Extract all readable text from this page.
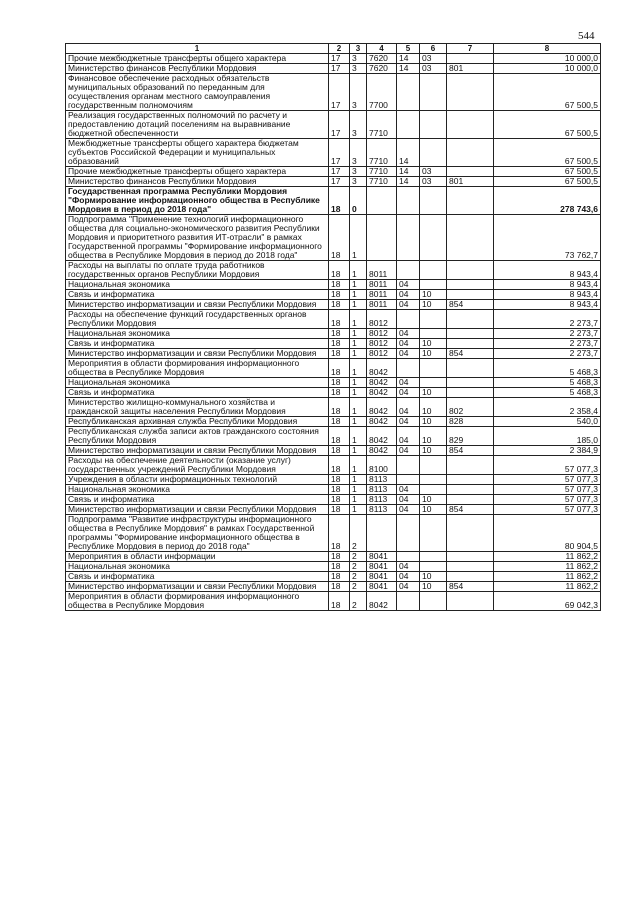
544
1	2	3	4	5	6	7	8
Прочие межбюджетные трансферты общего характера	17	3	7620	14	03		10 000,0
Министерство финансов Республики Мордовия	17	3	7620	14	03	801	10 000,0
Финансовое обеспечение расходных обязательств муниципальных образований по переданным для осуществления органам местного самоуправления государственным полномочиям	17	3	7700				67 500,5
Реализация государственных полномочий по расчету и предоставлению дотаций поселениям на выравнивание бюджетной обеспеченности	17	3	7710				67 500,5
Межбюджетные трансферты общего характера бюджетам субъектов Российской Федерации и муниципальных образований	17	3	7710	14			67 500,5
Прочие межбюджетные трансферты общего характера	17	3	7710	14	03		67 500,5
Министерство финансов Республики Мордовия	17	3	7710	14	03	801	67 500,5
Государственная программа Республики Мордовия "Формирование информационного общества в Республике Мордовия в период до 2018 года"	18	0					278 743,6
Подпрограмма "Применение технологий информационного общества для социально-экономического развития Республики Мордовия и приоритетного развития ИТ-отрасли" в рамках Государственной программы "Формирование информационного общества в Республике Мордовия в период до 2018 года"	18	1					73 762,7
Расходы на выплаты по оплате труда работников государственных органов Республики Мордовия	18	1	8011				8 943,4
Национальная экономика	18	1	8011	04			8 943,4
Связь и информатика	18	1	8011	04	10		8 943,4
Министерство информатизации и связи Республики Мордовия	18	1	8011	04	10	854	8 943,4
Расходы на обеспечение функций государственных органов Республики Мордовия	18	1	8012				2 273,7
Национальная экономика	18	1	8012	04			2 273,7
Связь и информатика	18	1	8012	04	10		2 273,7
Министерство информатизации и связи Республики Мордовия	18	1	8012	04	10	854	2 273,7
Мероприятия в области формирования информационного общества в Республике Мордовия	18	1	8042				5 468,3
Национальная экономика	18	1	8042	04			5 468,3
Связь и информатика	18	1	8042	04	10		5 468,3
Министерство жилищно-коммунального хозяйства и гражданской защиты населения Республики Мордовия	18	1	8042	04	10	802	2 358,4
Республиканская архивная служба Республики Мордовия	18	1	8042	04	10	828	540,0
Республиканская служба записи актов гражданского состояния Республики Мордовия	18	1	8042	04	10	829	185,0
Министерство информатизации и связи Республики Мордовия	18	1	8042	04	10	854	2 384,9
Расходы на обеспечение деятельности (оказание услуг) государственных учреждений Республики Мордовия	18	1	8100				57 077,3
Учреждения в области информационных технологий	18	1	8113				57 077,3
Национальная экономика	18	1	8113	04			57 077,3
Связь и информатика	18	1	8113	04	10		57 077,3
Министерство информатизации и связи Республики Мордовия	18	1	8113	04	10	854	57 077,3
Подпрограмма "Развитие инфраструктуры информационного общества в Республике Мордовия" в рамках Государственной программы "Формирование информационного общества в Республике Мордовия в период до 2018 года"	18	2					80 904,5
Мероприятия в области информации	18	2	8041				11 862,2
Национальная экономика	18	2	8041	04			11 862,2
Связь и информатика	18	2	8041	04	10		11 862,2
Министерство информатизации и связи Республики Мордовия	18	2	8041	04	10	854	11 862,2
Мероприятия в области формирования информационного общества в Республике Мордовия	18	2	8042				69 042,3
